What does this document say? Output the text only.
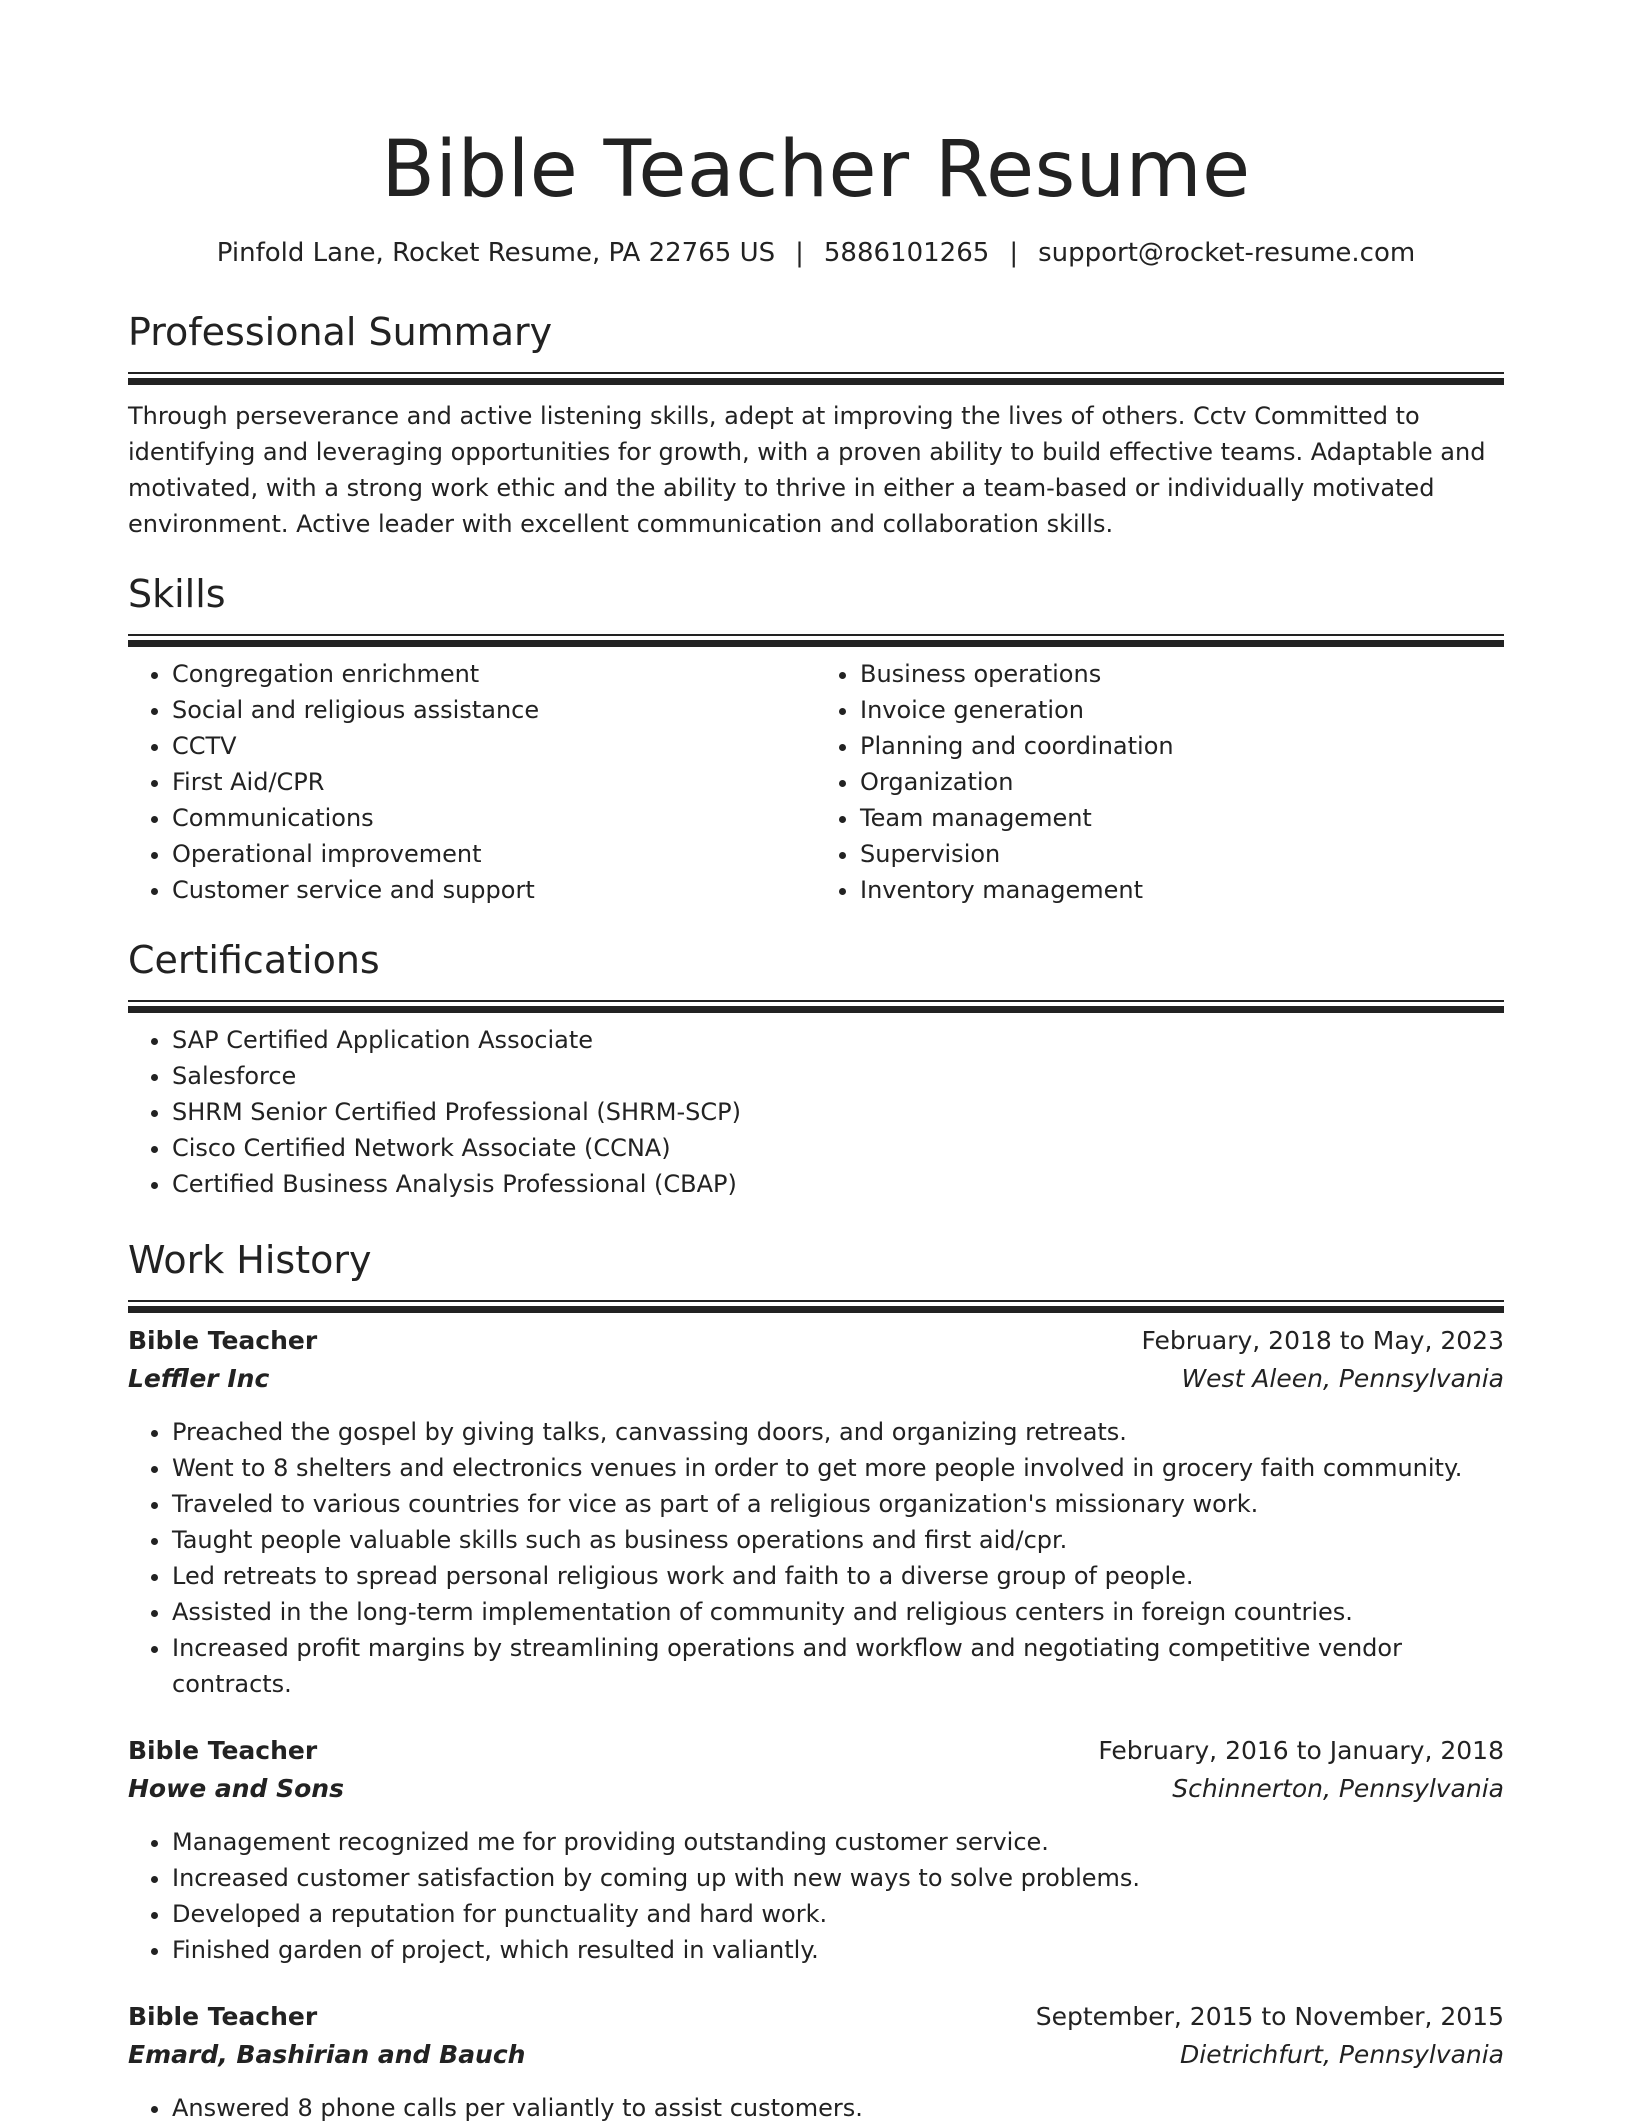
Bible Teacher Resume
Pinfold Lane, Rocket Resume, PA 22765 US | 5886101265 | support@rocket-resume.com
Professional Summary

Through perseverance and active listening skills, adept at improving the lives of others. Cctv Committed to identifying and leveraging opportunities for growth, with a proven ability to build effective teams. Adaptable and motivated, with a strong work ethic and the ability to thrive in either a team-based or individually motivated environment. Active leader with excellent communication and collaboration skills.

Skills
• Congregation enrichment
• Social and religious assistance
• CCTV
• First Aid/CPR
• Communications
• Operational improvement
• Customer service and support
• Business operations
• Invoice generation
• Planning and coordination
• Organization
• Team management
• Supervision
• Inventory management
Certifications
• SAP Certified Application Associate
• Salesforce
• SHRM Senior Certified Professional (SHRM-SCP)
• Cisco Certified Network Associate (CCNA)
• Certified Business Analysis Professional (CBAP)
Work History
Bible Teacher	February, 2018 to May, 2023
Leffler Inc	West Aleen, Pennsylvania
• Preached the gospel by giving talks, canvassing doors, and organizing retreats.
• Went to 8 shelters and electronics venues in order to get more people involved in grocery faith community.
• Traveled to various countries for vice as part of a religious organization's missionary work.
• Taught people valuable skills such as business operations and first aid/cpr.
• Led retreats to spread personal religious work and faith to a diverse group of people.
• Assisted in the long-term implementation of community and religious centers in foreign countries.
• Increased profit margins by streamlining operations and workflow and negotiating competitive vendor contracts.
Bible Teacher	February, 2016 to January, 2018
Howe and Sons	Schinnerton, Pennsylvania
• Management recognized me for providing outstanding customer service.
• Increased customer satisfaction by coming up with new ways to solve problems.
• Developed a reputation for punctuality and hard work.
• Finished garden of project, which resulted in valiantly.
Bible Teacher	September, 2015 to November, 2015
Emard, Bashirian and Bauch	Dietrichfurt, Pennsylvania
• Answered 8 phone calls per valiantly to assist customers.
